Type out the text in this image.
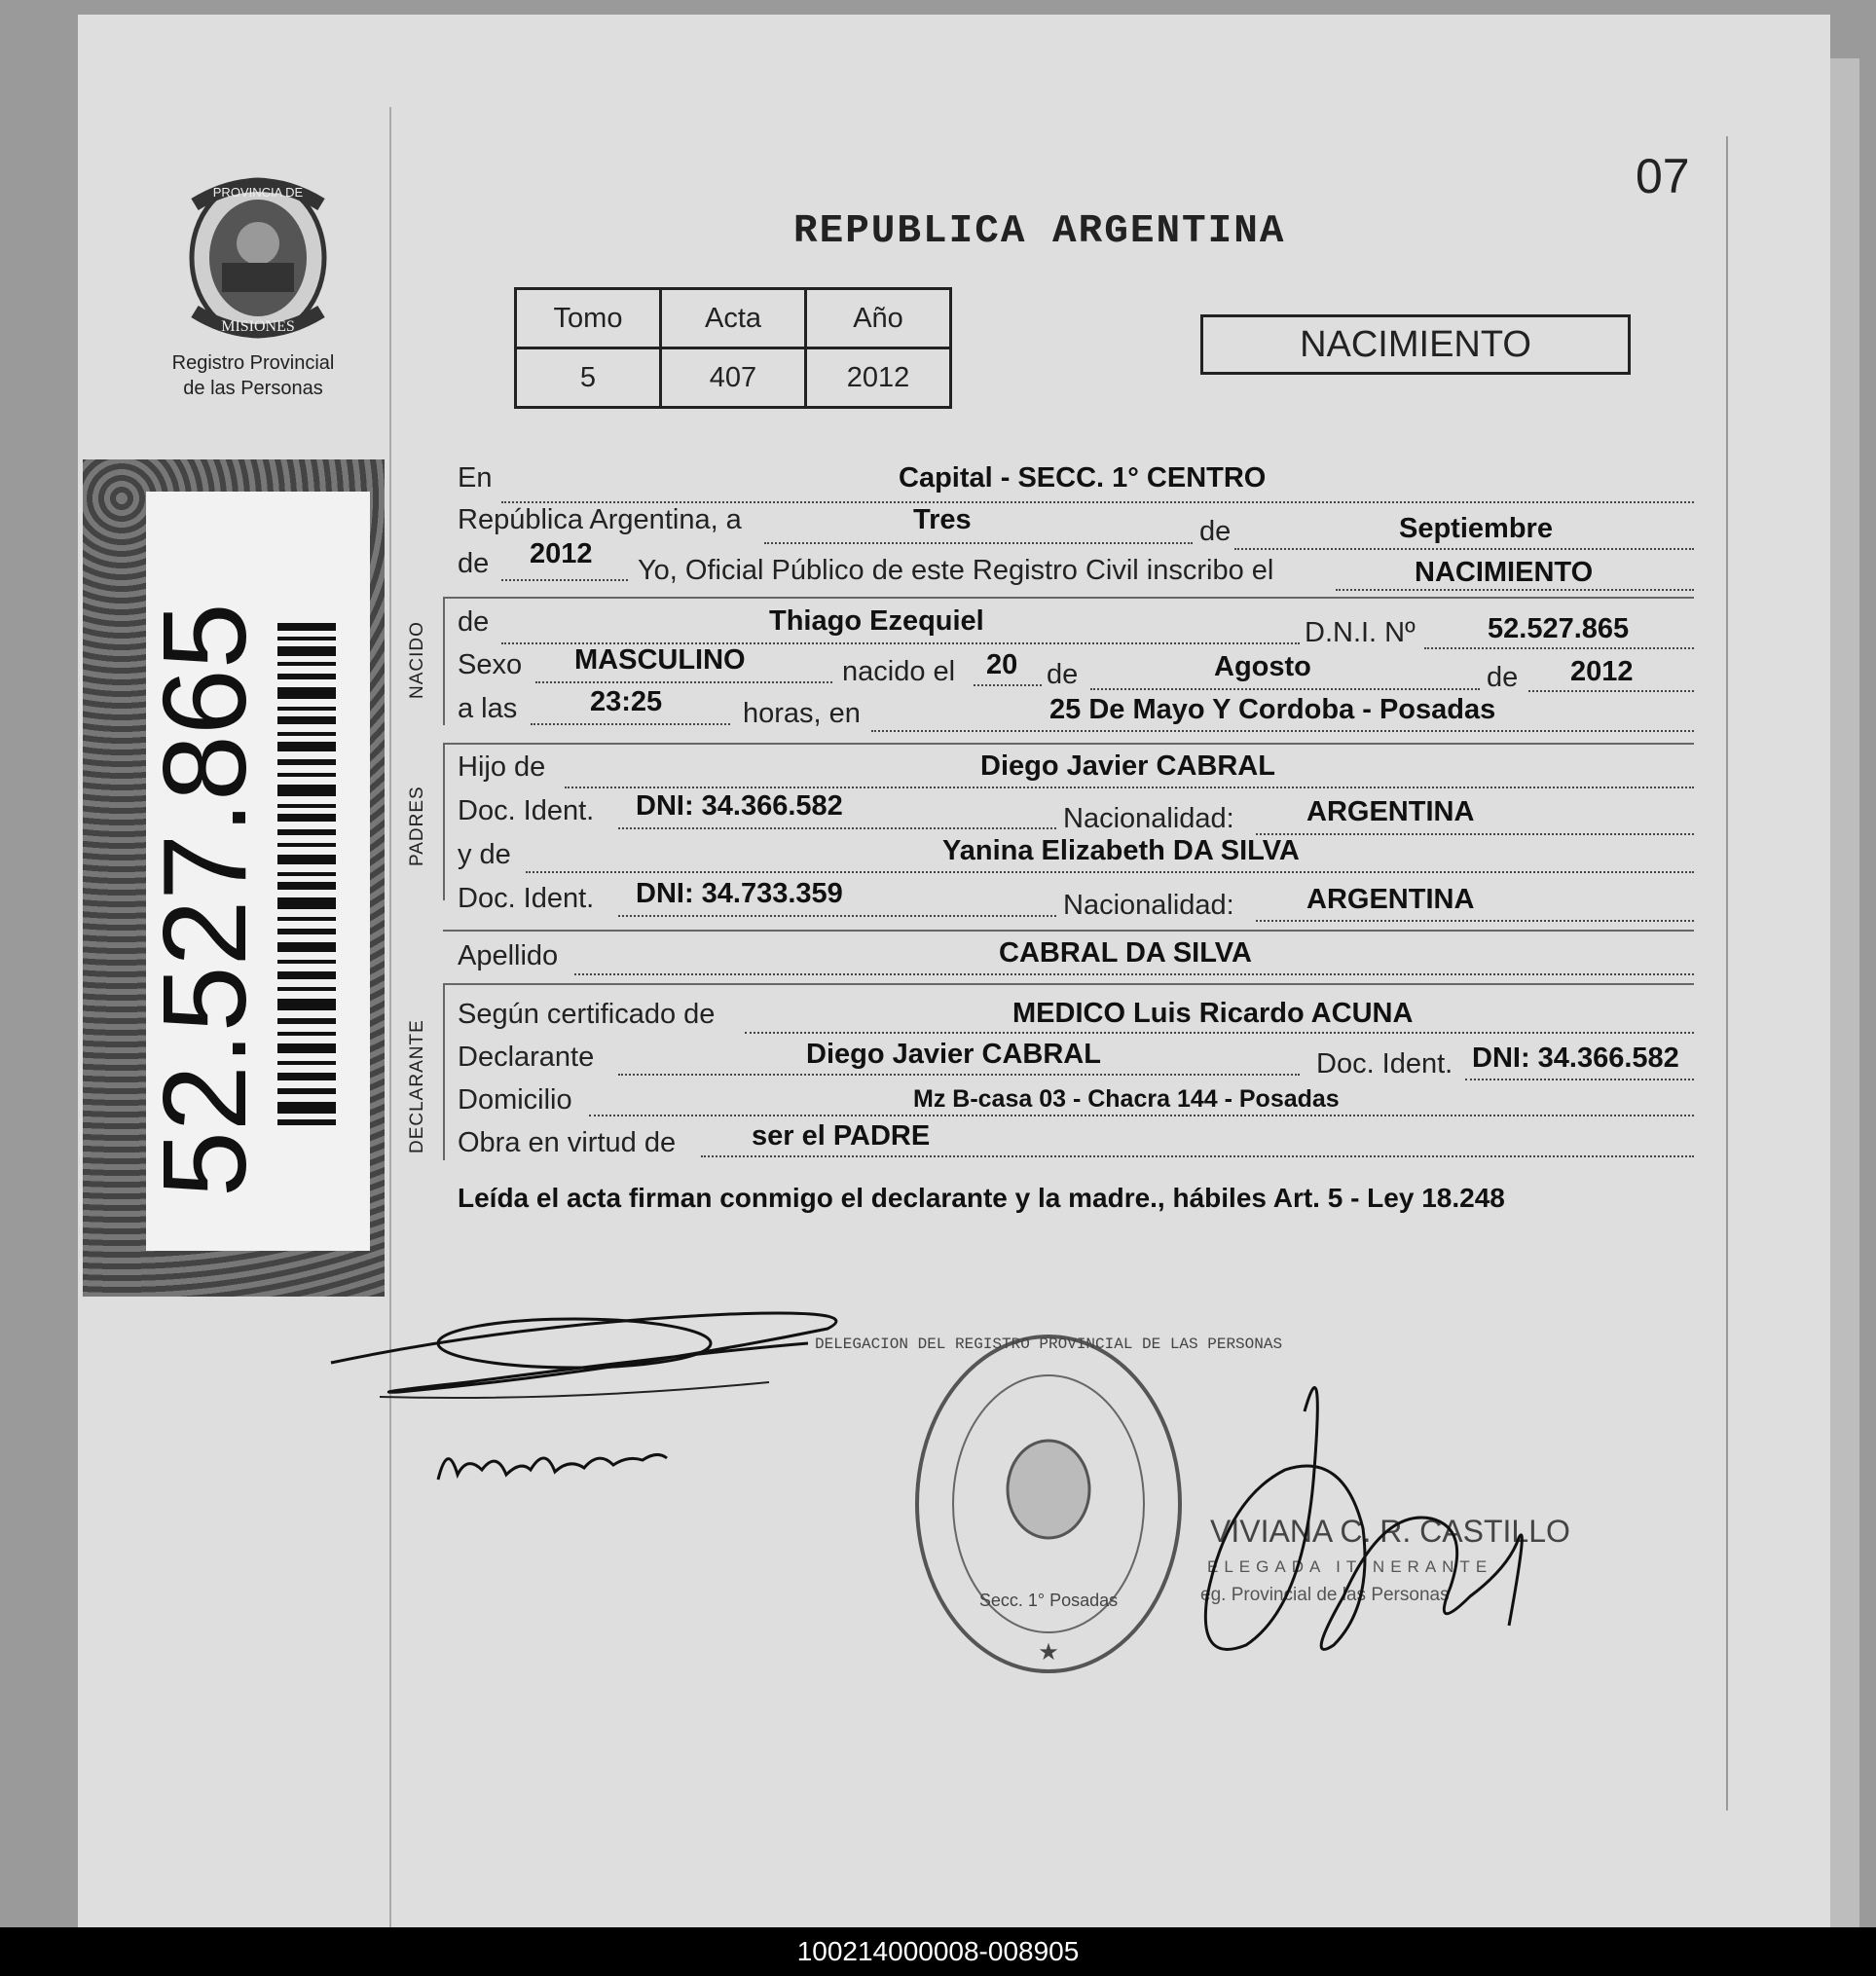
PROVINCIA DE
MISIONES
Registro Provincial
de las Personas
52.527.865
07
REPUBLICA ARGENTINA
Tomo	Acta	Año
5	407	2012
NACIMIENTO
En	Capital - SECC. 1° CENTRO
República Argentina, a	Tres	de	Septiembre
de 2012
Yo, Oficial Público de este Registro Civil inscribo el	NACIMIENTO
NACIDO de	Thiago Ezequiel	D.N.I. Nº	52.527.865
Sexo MASCULINO	nacido el 20 de	Agosto	de 2012
a las	23:25	horas, en	25 De Mayo Y Cordoba - Posadas
PADRES
Hijo de	Diego Javier CABRAL
Doc. Ident. DNI: 34.366.582	Nacionalidad:	ARGENTINA
y de	Yanina Elizabeth DA SILVA
Doc. Ident. DNI: 34.733.359	Nacionalidad:	ARGENTINA
Apellido	CABRAL DA SILVA
DECLARANTE
Según certificado de	MEDICO Luis Ricardo ACUNA
Declarante	Diego Javier CABRAL	Doc. Ident. DNI: 34.366.582
Domicilio	Mz B-casa 03 - Chacra 144 - Posadas
Obra en virtud de	ser el PADRE
Leída el acta firman conmigo el declarante y la madre., hábiles Art. 5 - Ley 18.248
DELEGACION DEL REGISTRO PROVINCIAL DE LAS PERSONAS
Secc. 1° Posadas
★
VIVIANA C. R. CASTILLO
ELEGADA ITINERANTE
eg. Provincial de las Personas
100214000008-008905
